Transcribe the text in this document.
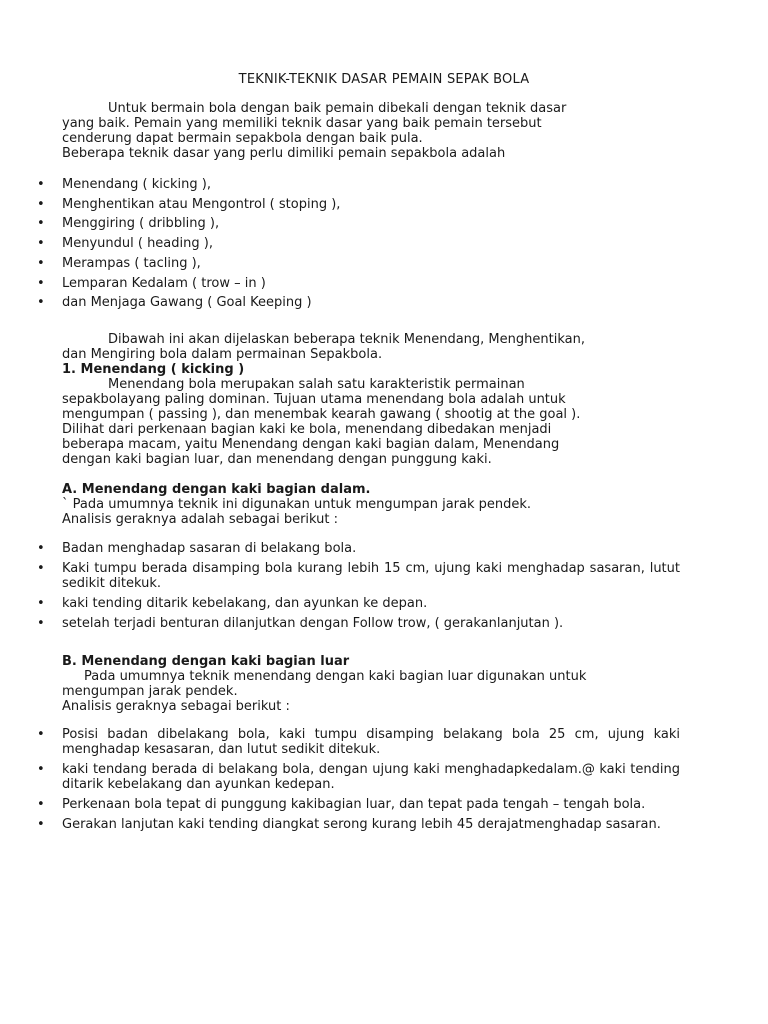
TEKNIK-TEKNIK DASAR PEMAIN SEPAK BOLA

Untuk bermain bola dengan baik pemain dibekali dengan teknik dasar

yang baik. Pemain yang memiliki teknik dasar yang baik pemain tersebut

cenderung dapat bermain sepakbola dengan baik pula.

Beberapa teknik dasar yang perlu dimiliki pemain sepakbola adalah

• Menendang ( kicking ),
• Menghentikan atau Mengontrol ( stoping ),
• Menggiring ( dribbling ),
• Menyundul ( heading ),
• Merampas ( tacling ),
• Lemparan Kedalam ( trow – in )
• dan Menjaga Gawang ( Goal Keeping )

Dibawah ini akan dijelaskan beberapa teknik Menendang, Menghentikan,

dan Mengiring bola dalam permainan Sepakbola.

1. Menendang ( kicking )

Menendang bola merupakan salah satu karakteristik permainan

sepakbolayang paling dominan. Tujuan utama menendang bola adalah untuk

mengumpan ( passing ), dan menembak kearah gawang ( shootig at the goal ).

Dilihat dari perkenaan bagian kaki ke bola, menendang dibedakan menjadi

beberapa macam, yaitu Menendang dengan kaki bagian dalam, Menendang

dengan kaki bagian luar, dan menendang dengan punggung kaki.

A. Menendang dengan kaki bagian dalam.

` Pada umumnya teknik ini digunakan untuk mengumpan jarak pendek.

Analisis geraknya adalah sebagai berikut :

• Badan menghadap sasaran di belakang bola.
• Kaki tumpu berada disamping bola kurang lebih 15 cm, ujung kaki menghadap sasaran, lutut sedikit ditekuk.
• kaki tending ditarik kebelakang, dan ayunkan ke depan.
• setelah terjadi benturan dilanjutkan dengan Follow trow, ( gerakanlanjutan ).

B. Menendang dengan kaki bagian luar

Pada umumnya teknik menendang dengan kaki bagian luar digunakan untuk

mengumpan jarak pendek.

Analisis geraknya sebagai berikut :

• Posisi badan dibelakang bola, kaki tumpu disamping belakang bola 25 cm, ujung kaki menghadap kesasaran, dan lutut sedikit ditekuk.
• kaki tendang berada di belakang bola, dengan ujung kaki menghadapkedalam.@ kaki tending ditarik kebelakang dan ayunkan kedepan.
• Perkenaan bola tepat di punggung kakibagian luar, dan tepat pada tengah – tengah bola.
• Gerakan lanjutan kaki tending diangkat serong kurang lebih 45 derajatmenghadap sasaran.
